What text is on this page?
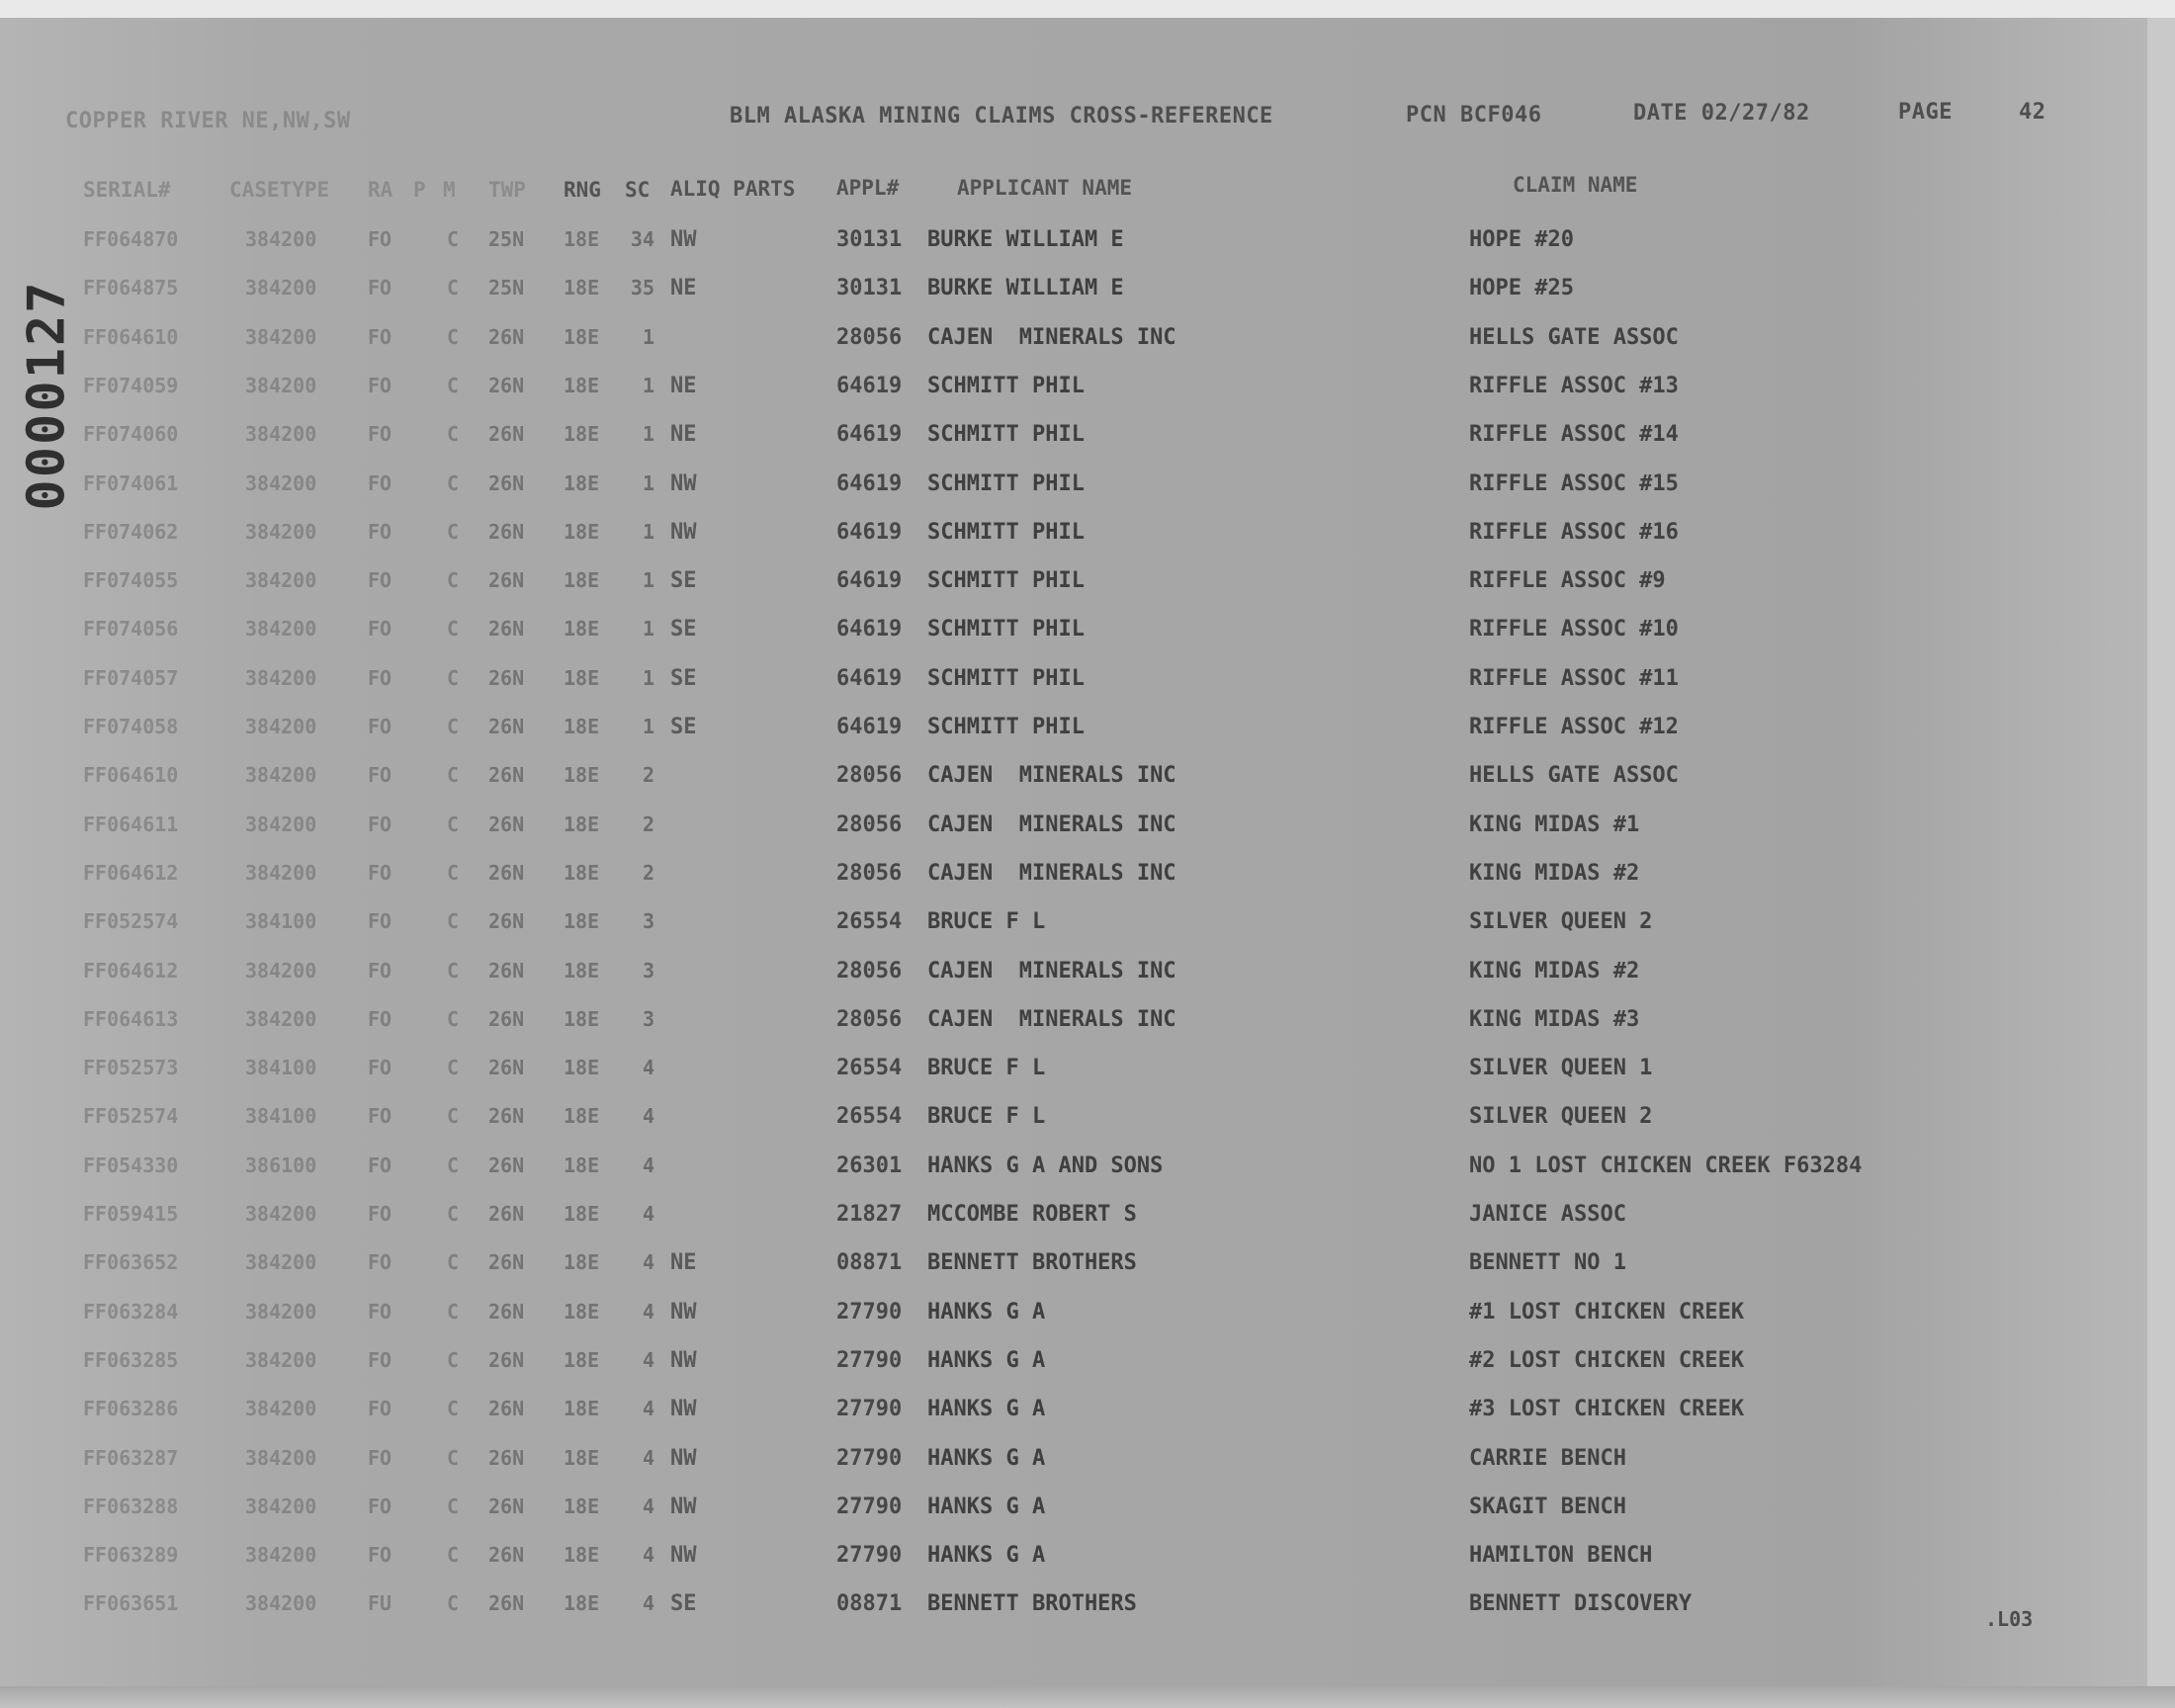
COPPER RIVER NE,NW,SW	BLM ALASKA MINING CLAIMS CROSS-REFERENCE	PCN BCF046	DATE 02/27/82	PAGE	42
SERIAL#	CASETYPE RA P M TWP RNG SC ALIQ PARTS APPL#	APPLICANT NAME	CLAIM NAME
0000127
FF064870	384200	FO	C 25N 18E 34 NW	30131 BURKE WILLIAM E	HOPE #20
FF064875	384200	FO	C 25N 18E 35 NE	30131 BURKE WILLIAM E	HOPE #25
FF064610	384200	FO	C 26N 18E	1	28056 CAJEN  MINERALS INC	HELLS GATE ASSOC
FF074059	384200	FO	C 26N 18E	1 NE	64619 SCHMITT PHIL	RIFFLE ASSOC #13
FF074060	384200	FO	C 26N 18E	1 NE	64619 SCHMITT PHIL	RIFFLE ASSOC #14
FF074061	384200	FO	C 26N 18E	1 NW	64619 SCHMITT PHIL	RIFFLE ASSOC #15
FF074062	384200	FO	C 26N 18E	1 NW	64619 SCHMITT PHIL	RIFFLE ASSOC #16
FF074055	384200	FO	C 26N 18E	1 SE	64619 SCHMITT PHIL	RIFFLE ASSOC #9
FF074056	384200	FO	C 26N 18E	1 SE	64619 SCHMITT PHIL	RIFFLE ASSOC #10
FF074057	384200	FO	C 26N 18E	1 SE	64619 SCHMITT PHIL	RIFFLE ASSOC #11
FF074058	384200	FO	C 26N 18E	1 SE	64619 SCHMITT PHIL	RIFFLE ASSOC #12
FF064610	384200	FO	C 26N 18E	2	28056 CAJEN  MINERALS INC	HELLS GATE ASSOC
FF064611	384200	FO	C 26N 18E	2	28056 CAJEN  MINERALS INC	KING MIDAS #1
FF064612	384200	FO	C 26N 18E	2	28056 CAJEN  MINERALS INC	KING MIDAS #2
FF052574	384100	FO	C 26N 18E	3	26554 BRUCE F L	SILVER QUEEN 2
FF064612	384200	FO	C 26N 18E	3	28056 CAJEN  MINERALS INC	KING MIDAS #2
FF064613	384200	FO	C 26N 18E	3	28056 CAJEN  MINERALS INC	KING MIDAS #3
FF052573	384100	FO	C 26N 18E	4	26554 BRUCE F L	SILVER QUEEN 1
FF052574	384100	FO	C 26N 18E	4	26554 BRUCE F L	SILVER QUEEN 2
FF054330	386100	FO	C 26N 18E	4	26301 HANKS G A AND SONS	NO 1 LOST CHICKEN CREEK F63284
FF059415	384200	FO	C 26N 18E	4	21827 MCCOMBE ROBERT S	JANICE ASSOC
FF063652	384200	FO	C 26N 18E	4 NE	08871 BENNETT BROTHERS	BENNETT NO 1
FF063284	384200	FO	C 26N 18E	4 NW	27790 HANKS G A	#1 LOST CHICKEN CREEK
FF063285	384200	FO	C 26N 18E	4 NW	27790 HANKS G A	#2 LOST CHICKEN CREEK
FF063286	384200	FO	C 26N 18E	4 NW	27790 HANKS G A	#3 LOST CHICKEN CREEK
FF063287	384200	FO	C 26N 18E	4 NW	27790 HANKS G A	CARRIE BENCH
FF063288	384200	FO	C 26N 18E	4 NW	27790 HANKS G A	SKAGIT BENCH
FF063289	384200	FO	C 26N 18E	4 NW	27790 HANKS G A	HAMILTON BENCH
FF063651	384200	FU	C 26N 18E	4 SE	08871 BENNETT BROTHERS	BENNETT DISCOVERY
.L03
